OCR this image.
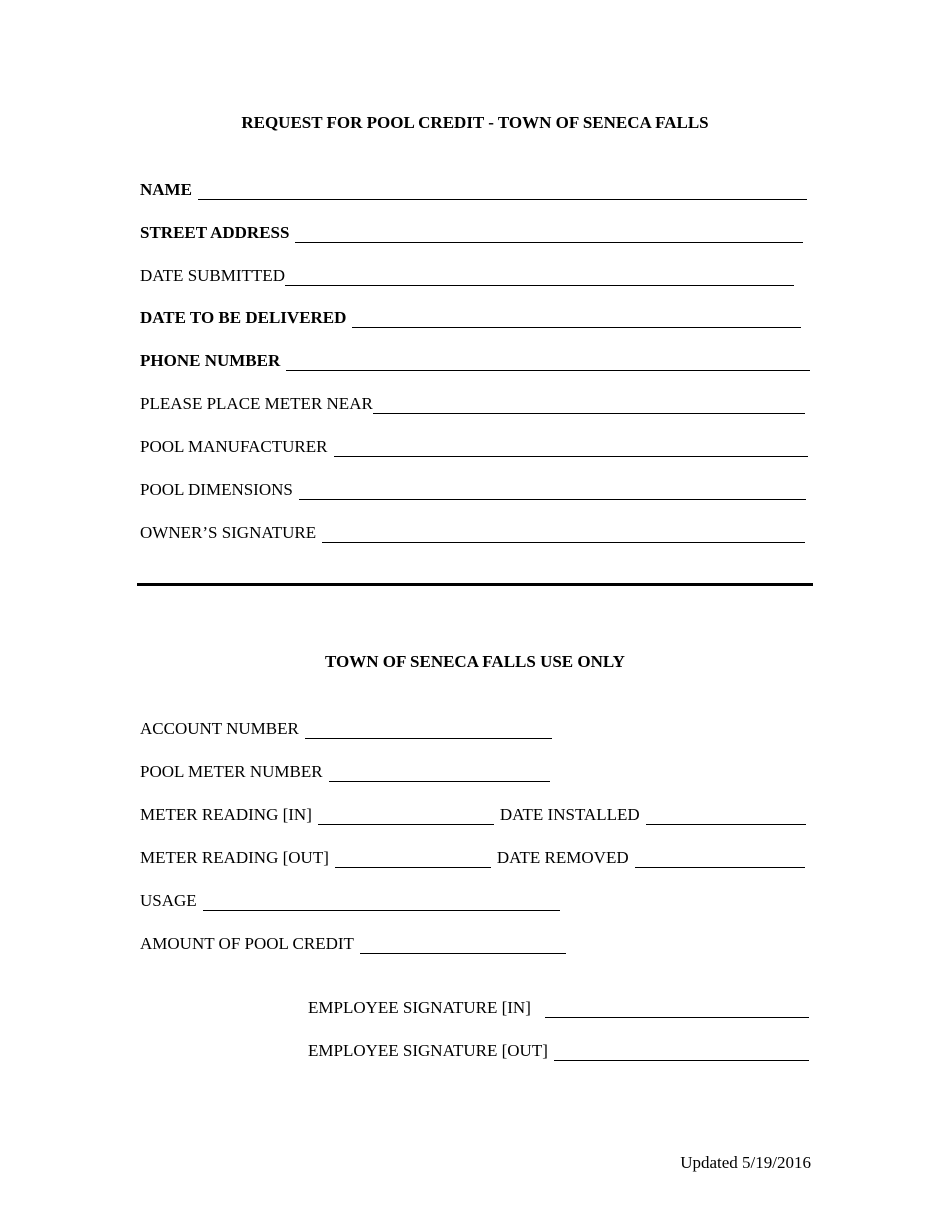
REQUEST FOR POOL CREDIT - TOWN OF SENECA FALLS
NAME
STREET ADDRESS
DATE SUBMITTED
DATE TO BE DELIVERED
PHONE NUMBER
PLEASE PLACE METER NEAR
POOL MANUFACTURER
POOL DIMENSIONS
OWNER’S SIGNATURE
TOWN OF SENECA FALLS USE ONLY
ACCOUNT NUMBER
POOL METER NUMBER
METER READING [IN]	DATE INSTALLED
METER READING [OUT]	DATE REMOVED
USAGE
AMOUNT OF POOL CREDIT
EMPLOYEE SIGNATURE [IN]
EMPLOYEE SIGNATURE [OUT]
Updated 5/19/2016
